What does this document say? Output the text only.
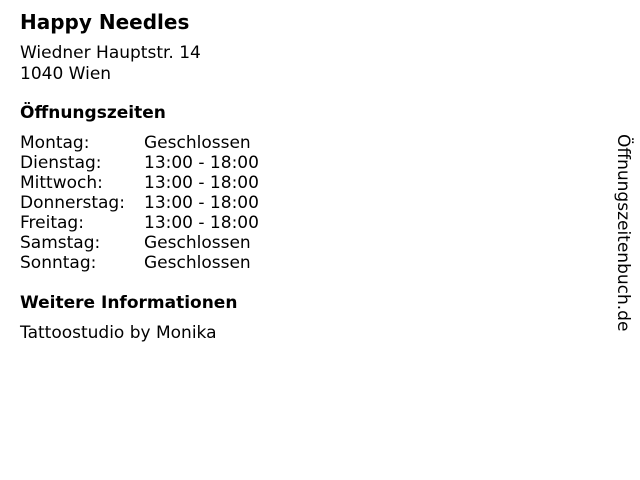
Happy Needles
Wiedner Hauptstr. 14
1040 Wien
Öffnungszeiten
Montag:	Geschlossen
Dienstag:	13:00 - 18:00
Mittwoch:	13:00 - 18:00
Donnerstag:	13:00 - 18:00
Freitag:	13:00 - 18:00
Samstag:	Geschlossen
Sonntag:	Geschlossen
Weitere Informationen
Tattoostudio by Monika
Öffnungszeitenbuch.de
